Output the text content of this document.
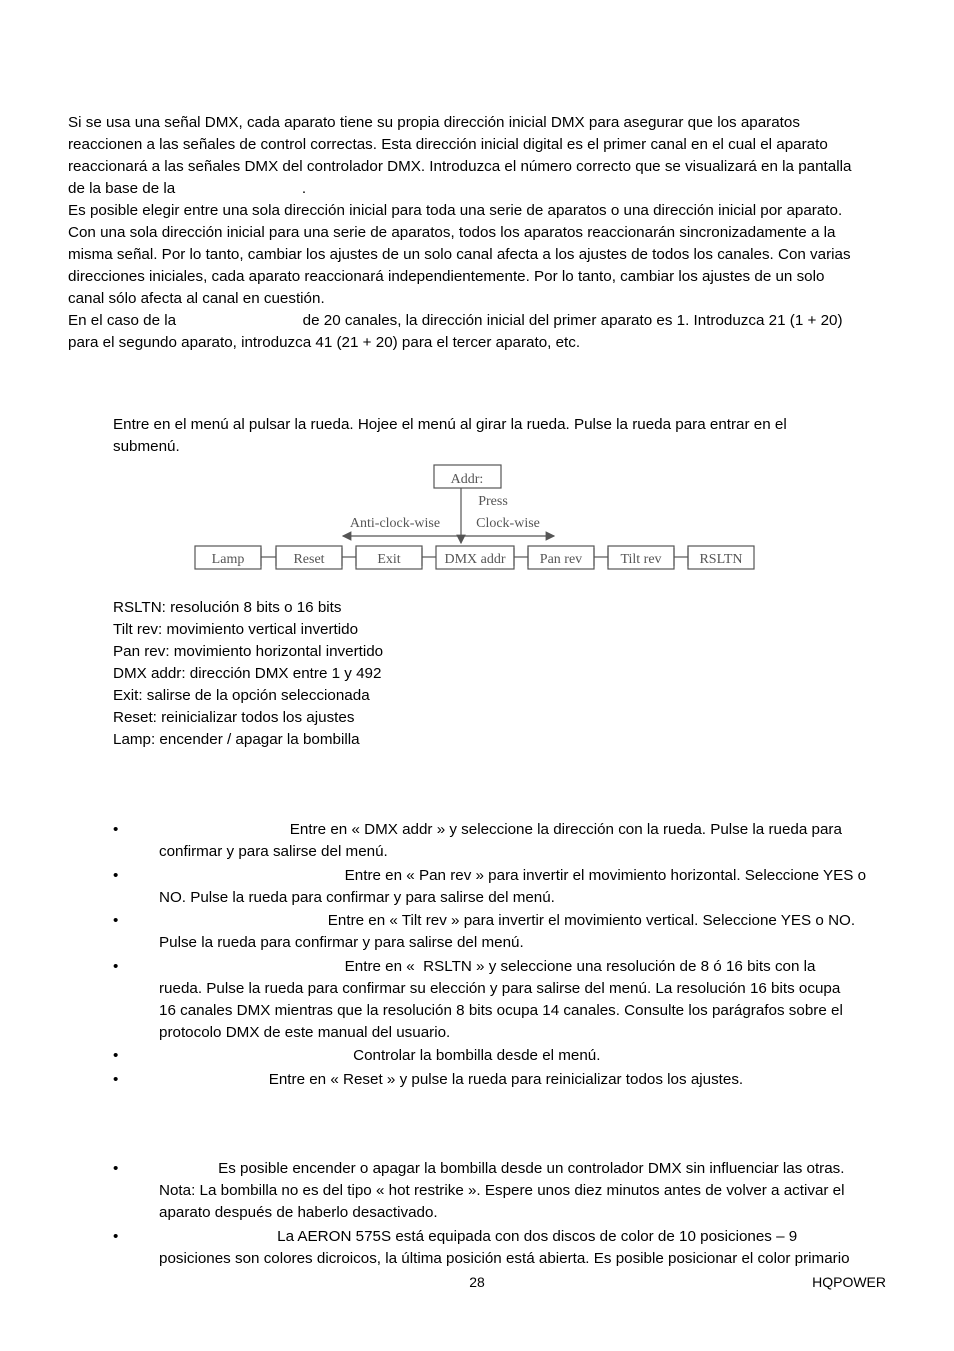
Si se usa una señal DMX, cada aparato tiene su propia dirección inicial DMX para asegurar que los aparatos
reaccionen a las señales de control correctas. Esta dirección inicial digital es el primer canal en el cual el aparato
reaccionará a las señales DMX del controlador DMX. Introduzca el número correcto que se visualizará en la pantalla
de la base de la                              .
Es posible elegir entre una sola dirección inicial para toda una serie de aparatos o una dirección inicial por aparato.
Con una sola dirección inicial para una serie de aparatos, todos los aparatos reaccionarán sincronizadamente a la
misma señal. Por lo tanto, cambiar los ajustes de un solo canal afecta a los ajustes de todos los canales. Con varias
direcciones iniciales, cada aparato reaccionará independientemente. Por lo tanto, cambiar los ajustes de un solo
canal sólo afecta al canal en cuestión.
En el caso de la                              de 20 canales, la dirección inicial del primer aparato es 1. Introduzca 21 (1 + 20)
para el segundo aparato, introduzca 41 (21 + 20) para el tercer aparato, etc.
Entre en el menú al pulsar la rueda. Hojee el menú al girar la rueda. Pulse la rueda para entrar en el
submenú.
Addr:
Press
Anti-clock-wise	Clock-wise
Lamp	Reset	Exit	DMX addr Pan rev	Tilt rev	RSLTN
RSLTN: resolución 8 bits o 16 bits
Tilt rev: movimiento vertical invertido
Pan rev: movimiento horizontal invertido
DMX addr: dirección DMX entre 1 y 492
Exit: salirse de la opción seleccionada
Reset: reinicializar todos los ajustes
Lamp: encender / apagar la bombilla
•	Entre en « DMX addr » y seleccione la dirección con la rueda. Pulse la rueda para
confirmar y para salirse del menú.
•	Entre en « Pan rev » para invertir el movimiento horizontal. Seleccione YES o
NO. Pulse la rueda para confirmar y para salirse del menú.
•	Entre en « Tilt rev » para invertir el movimiento vertical. Seleccione YES o NO.
Pulse la rueda para confirmar y para salirse del menú.
•	Entre en «  RSLTN » y seleccione una resolución de 8 ó 16 bits con la
rueda. Pulse la rueda para confirmar su elección y para salirse del menú. La resolución 16 bits ocupa
16 canales DMX mientras que la resolución 8 bits ocupa 14 canales. Consulte los parágrafos sobre el
protocolo DMX de este manual del usuario.
•	Controlar la bombilla desde el menú.
•	Entre en « Reset » y pulse la rueda para reinicializar todos los ajustes.
•	Es posible encender o apagar la bombilla desde un controlador DMX sin influenciar las otras.
Nota: La bombilla no es del tipo « hot restrike ». Espere unos diez minutos antes de volver a activar el
aparato después de haberlo desactivado.
•	La AERON 575S está equipada con dos discos de color de 10 posiciones – 9
posiciones son colores dicroicos, la última posición está abierta. Es posible posicionar el color primario
28	HQPOWER
